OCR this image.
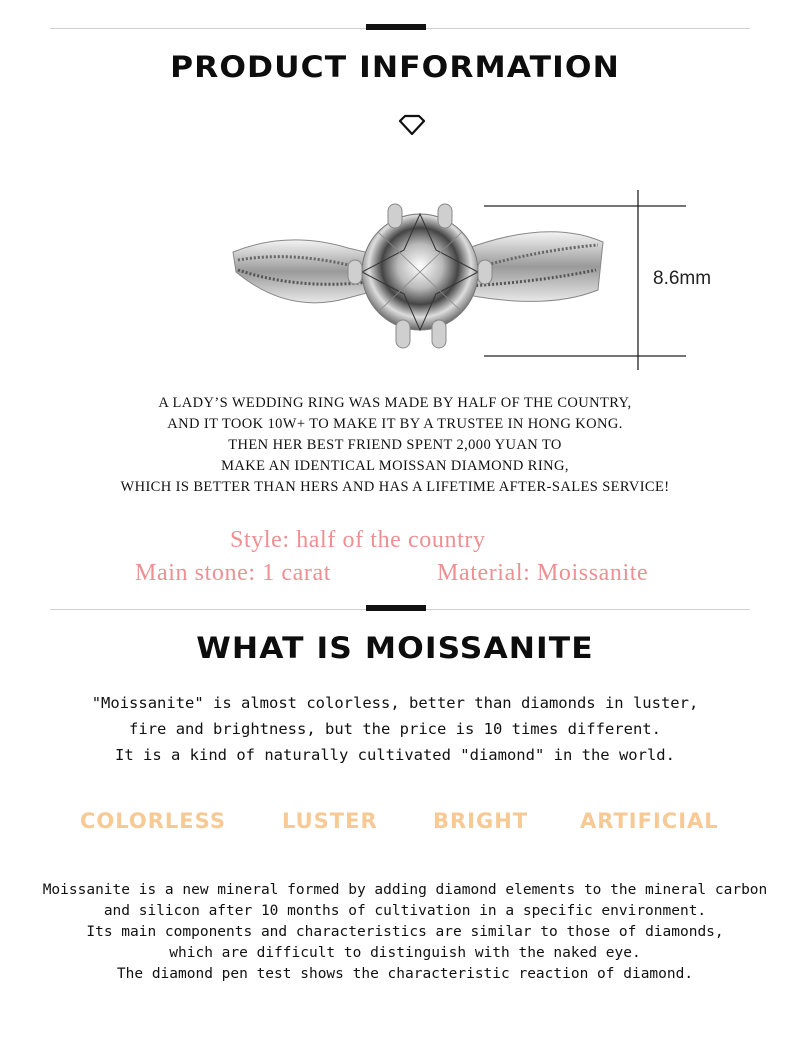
PRODUCT INFORMATION
8.6mm
A LADY’S WEDDING RING WAS MADE BY HALF OF THE COUNTRY,
AND IT TOOK 10W+ TO MAKE IT BY A TRUSTEE IN HONG KONG.
THEN HER BEST FRIEND SPENT 2,000 YUAN TO
MAKE AN IDENTICAL MOISSAN DIAMOND RING,
WHICH IS BETTER THAN HERS AND HAS A LIFETIME AFTER-SALES SERVICE!
Style: half of the country
Main stone: 1 carat	Material: Moissanite
WHAT IS MOISSANITE
"Moissanite" is almost colorless, better than diamonds in luster,
fire and brightness, but the price is 10 times different.
It is a kind of naturally cultivated "diamond" in the world.
COLORLESS	LUSTER	BRIGHT ARTIFICIAL
Moissanite is a new mineral formed by adding diamond elements to the mineral carbon
and silicon after 10 months of cultivation in a specific environment.
Its main components and characteristics are similar to those of diamonds,
which are difficult to distinguish with the naked eye.
The diamond pen test shows the characteristic reaction of diamond.
